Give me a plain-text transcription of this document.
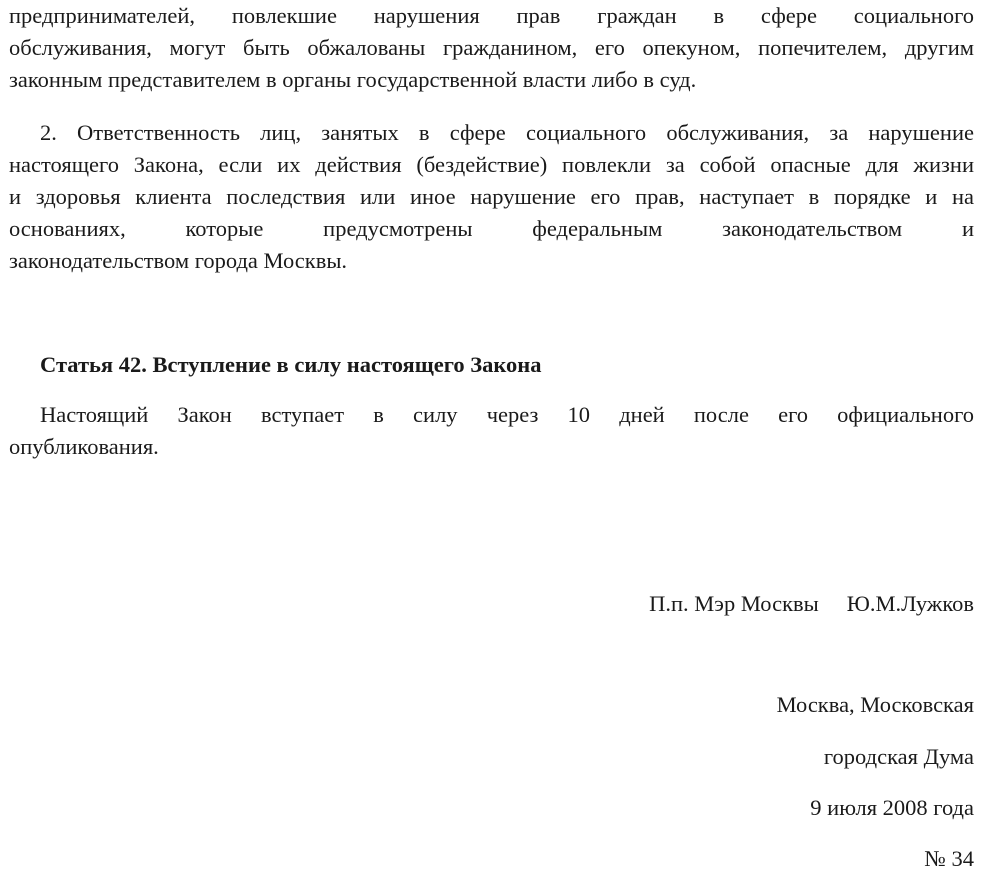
предпринимателей, повлекшие нарушения прав граждан в сфере социального
обслуживания, могут быть обжалованы гражданином, его опекуном, попечителем, другим
законным представителем в органы государственной власти либо в суд.

2. Ответственность лиц, занятых в сфере социального обслуживания, за нарушение
настоящего Закона, если их действия (бездействие) повлекли за собой опасные для жизни
и здоровья клиента последствия или иное нарушение его прав, наступает в порядке и на
основаниях, которые предусмотрены федеральным законодательством и
законодательством города Москвы.

Статья 42. Вступление в силу настоящего Закона

Настоящий Закон вступает в силу через 10 дней после его официального
опубликования.

П.п. Мэр Москвы Ю.М.Лужков

Москва, Московская

городская Дума

9 июля 2008 года

№ 34
